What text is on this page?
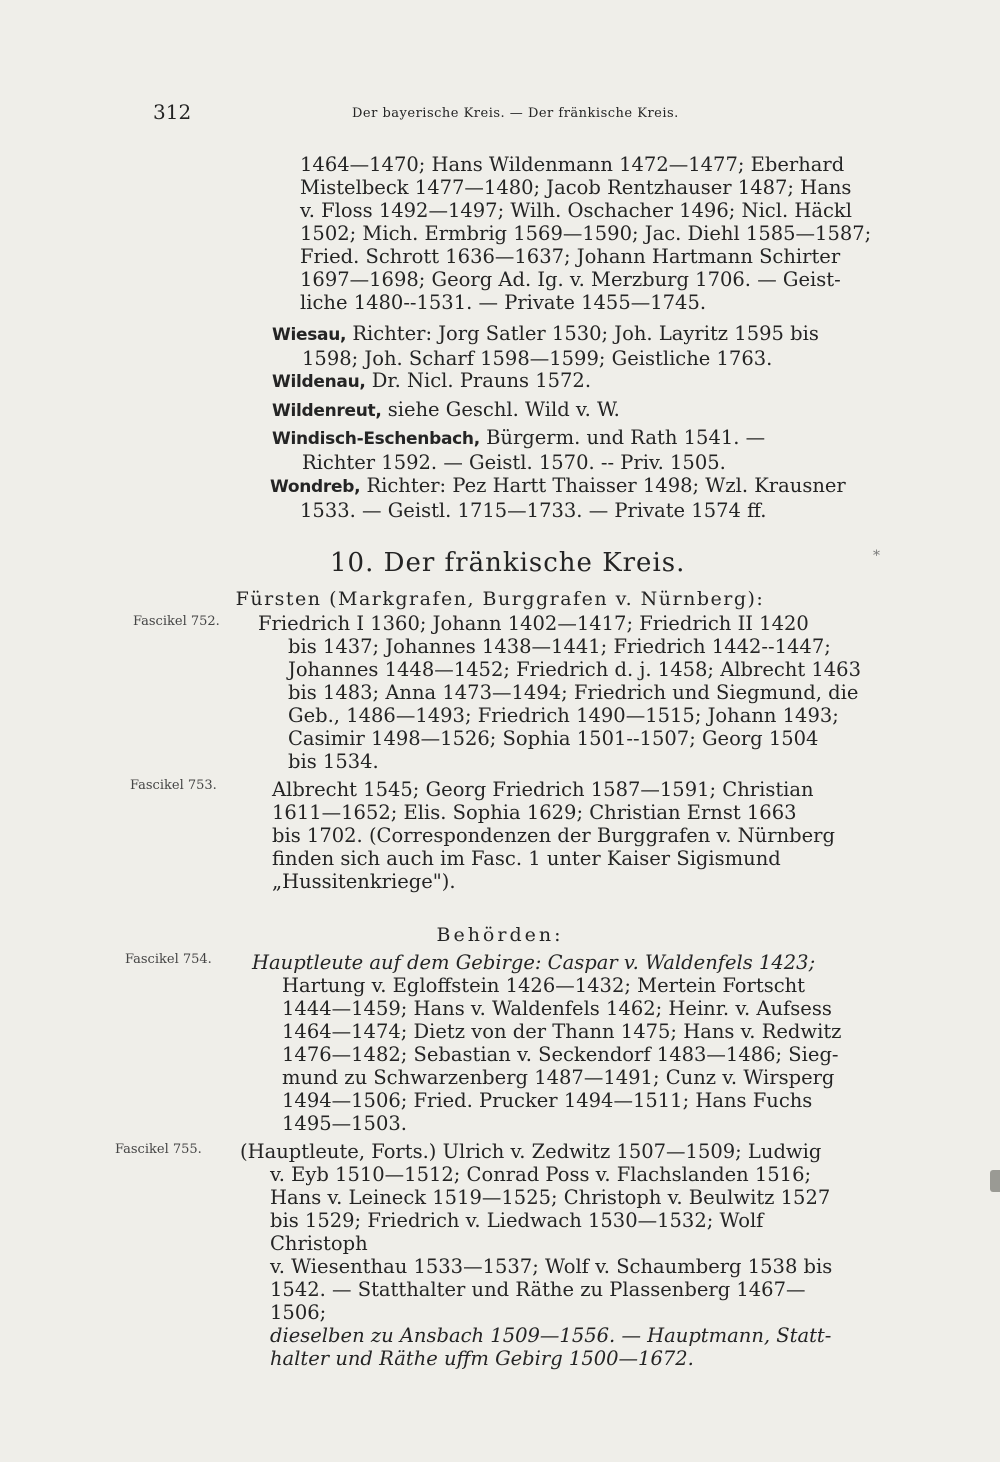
312	Der bayerische Kreis. — Der fränkische Kreis.
1464—1470; Hans Wildenmann 1472—1477; Eberhard
Mistelbeck 1477—1480; Jacob Rentzhauser 1487; Hans
v. Floss 1492—1497; Wilh. Oschacher 1496; Nicl. Häckl
1502; Mich. Ermbrig 1569—1590; Jac. Diehl 1585—1587;
Fried. Schrott 1636—1637; Johann Hartmann Schirter
1697—1698; Georg Ad. Ig. v. Merzburg 1706. — Geist-
liche 1480--1531. — Private 1455—1745.
Wiesau, Richter: Jorg Satler 1530; Joh. Layritz 1595 bis
1598; Joh. Scharf 1598—1599; Geistliche 1763.
Wildenau, Dr. Nicl. Prauns 1572.
Wildenreut, siehe Geschl. Wild v. W.
Windisch-Eschenbach, Bürgerm. und Rath 1541. —
Richter 1592. — Geistl. 1570. -- Priv. 1505.
Wondreb, Richter: Pez Hartt Thaisser 1498; Wzl. Krausner
1533. — Geistl. 1715—1733. — Private 1574 ff.
10. Der fränkische Kreis.	*
Fürsten (Markgrafen, Burggrafen v. Nürnberg):
Fascikel 752. Friedrich I 1360; Johann 1402—1417; Friedrich II 1420
bis 1437; Johannes 1438—1441; Friedrich 1442--1447;
Johannes 1448—1452; Friedrich d. j. 1458; Albrecht 1463
bis 1483; Anna 1473—1494; Friedrich und Siegmund, die
Geb., 1486—1493; Friedrich 1490—1515; Johann 1493;
Casimir 1498—1526; Sophia 1501--1507; Georg 1504
bis 1534.
Fascikel 753.	Albrecht 1545; Georg Friedrich 1587—1591; Christian
1611—1652; Elis. Sophia 1629; Christian Ernst 1663
bis 1702. (Correspondenzen der Burggrafen v. Nürnberg
finden sich auch im Fasc. 1 unter Kaiser Sigismund
„Hussitenkriege").
Behörden:
Fascikel 754. Hauptleute auf dem Gebirge: Caspar v. Waldenfels 1423;
Hartung v. Egloffstein 1426—1432; Mertein Fortscht
1444—1459; Hans v. Waldenfels 1462; Heinr. v. Aufsess
1464—1474; Dietz von der Thann 1475; Hans v. Redwitz
1476—1482; Sebastian v. Seckendorf 1483—1486; Sieg-
mund zu Schwarzenberg 1487—1491; Cunz v. Wirsperg
1494—1506; Fried. Prucker 1494—1511; Hans Fuchs
1495—1503.
Fascikel 755. (Hauptleute, Forts.) Ulrich v. Zedwitz 1507—1509; Ludwig
v. Eyb 1510—1512; Conrad Poss v. Flachslanden 1516;
Hans v. Leineck 1519—1525; Christoph v. Beulwitz 1527
bis 1529; Friedrich v. Liedwach 1530—1532; Wolf Christoph
v. Wiesenthau 1533—1537; Wolf v. Schaumberg 1538 bis
1542. — Statthalter und Räthe zu Plassenberg 1467—1506;
dieselben zu Ansbach 1509—1556. — Hauptmann, Statt-
halter und Räthe uffm Gebirg 1500—1672.
